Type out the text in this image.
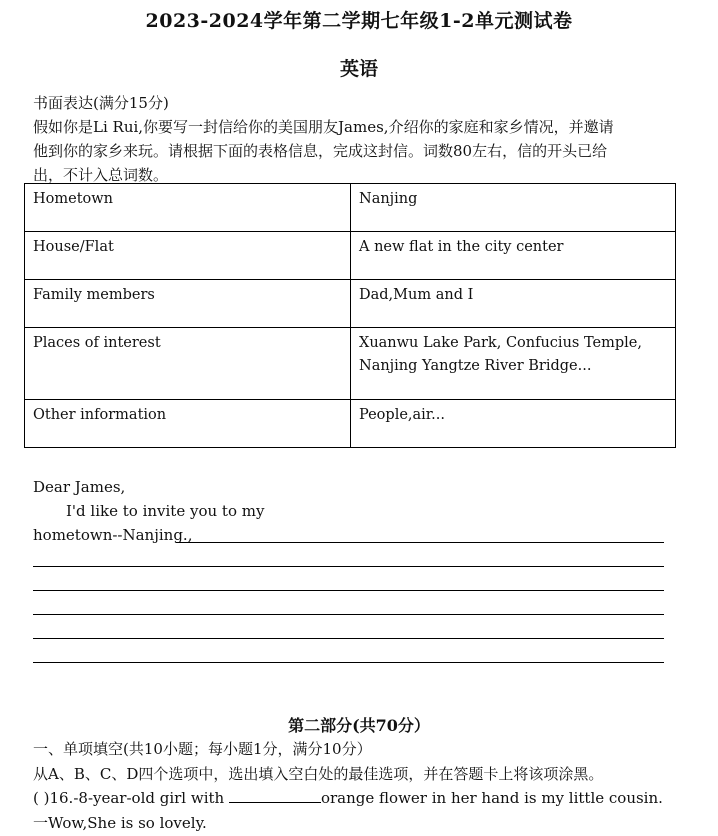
2023-2024学年第二学期七年级1-2单元测试卷
英语
书面表达(满分15分)
假如你是Li Rui,你要写一封信给你的美国朋友James,介绍你的家庭和家乡情况，并邀请
他到你的家乡来玩。请根据下面的表格信息，完成这封信。词数80左右，信的开头已给
出，不计入总词数。
Hometown	Nanjing
House/Flat	A new flat in the city center
Family members	Dad,Mum and I
Places of interest	Xuanwu Lake Park, Confucius Temple,
Nanjing Yangtze River Bridge...

Other information	People,air...
Dear James,
I'd like to invite you to my
hometown--Nanjing.,
第二部分(共70分）
一、单项填空(共10小题；每小题1分，满分10分）
从A、B、C、D四个选项中，选出填入空白处的最佳选项，并在答题卡上将该项涂黑。
( )16.-8-year-old girl with	orange flower in her hand is my little cousin.
一Wow,She is so lovely.
